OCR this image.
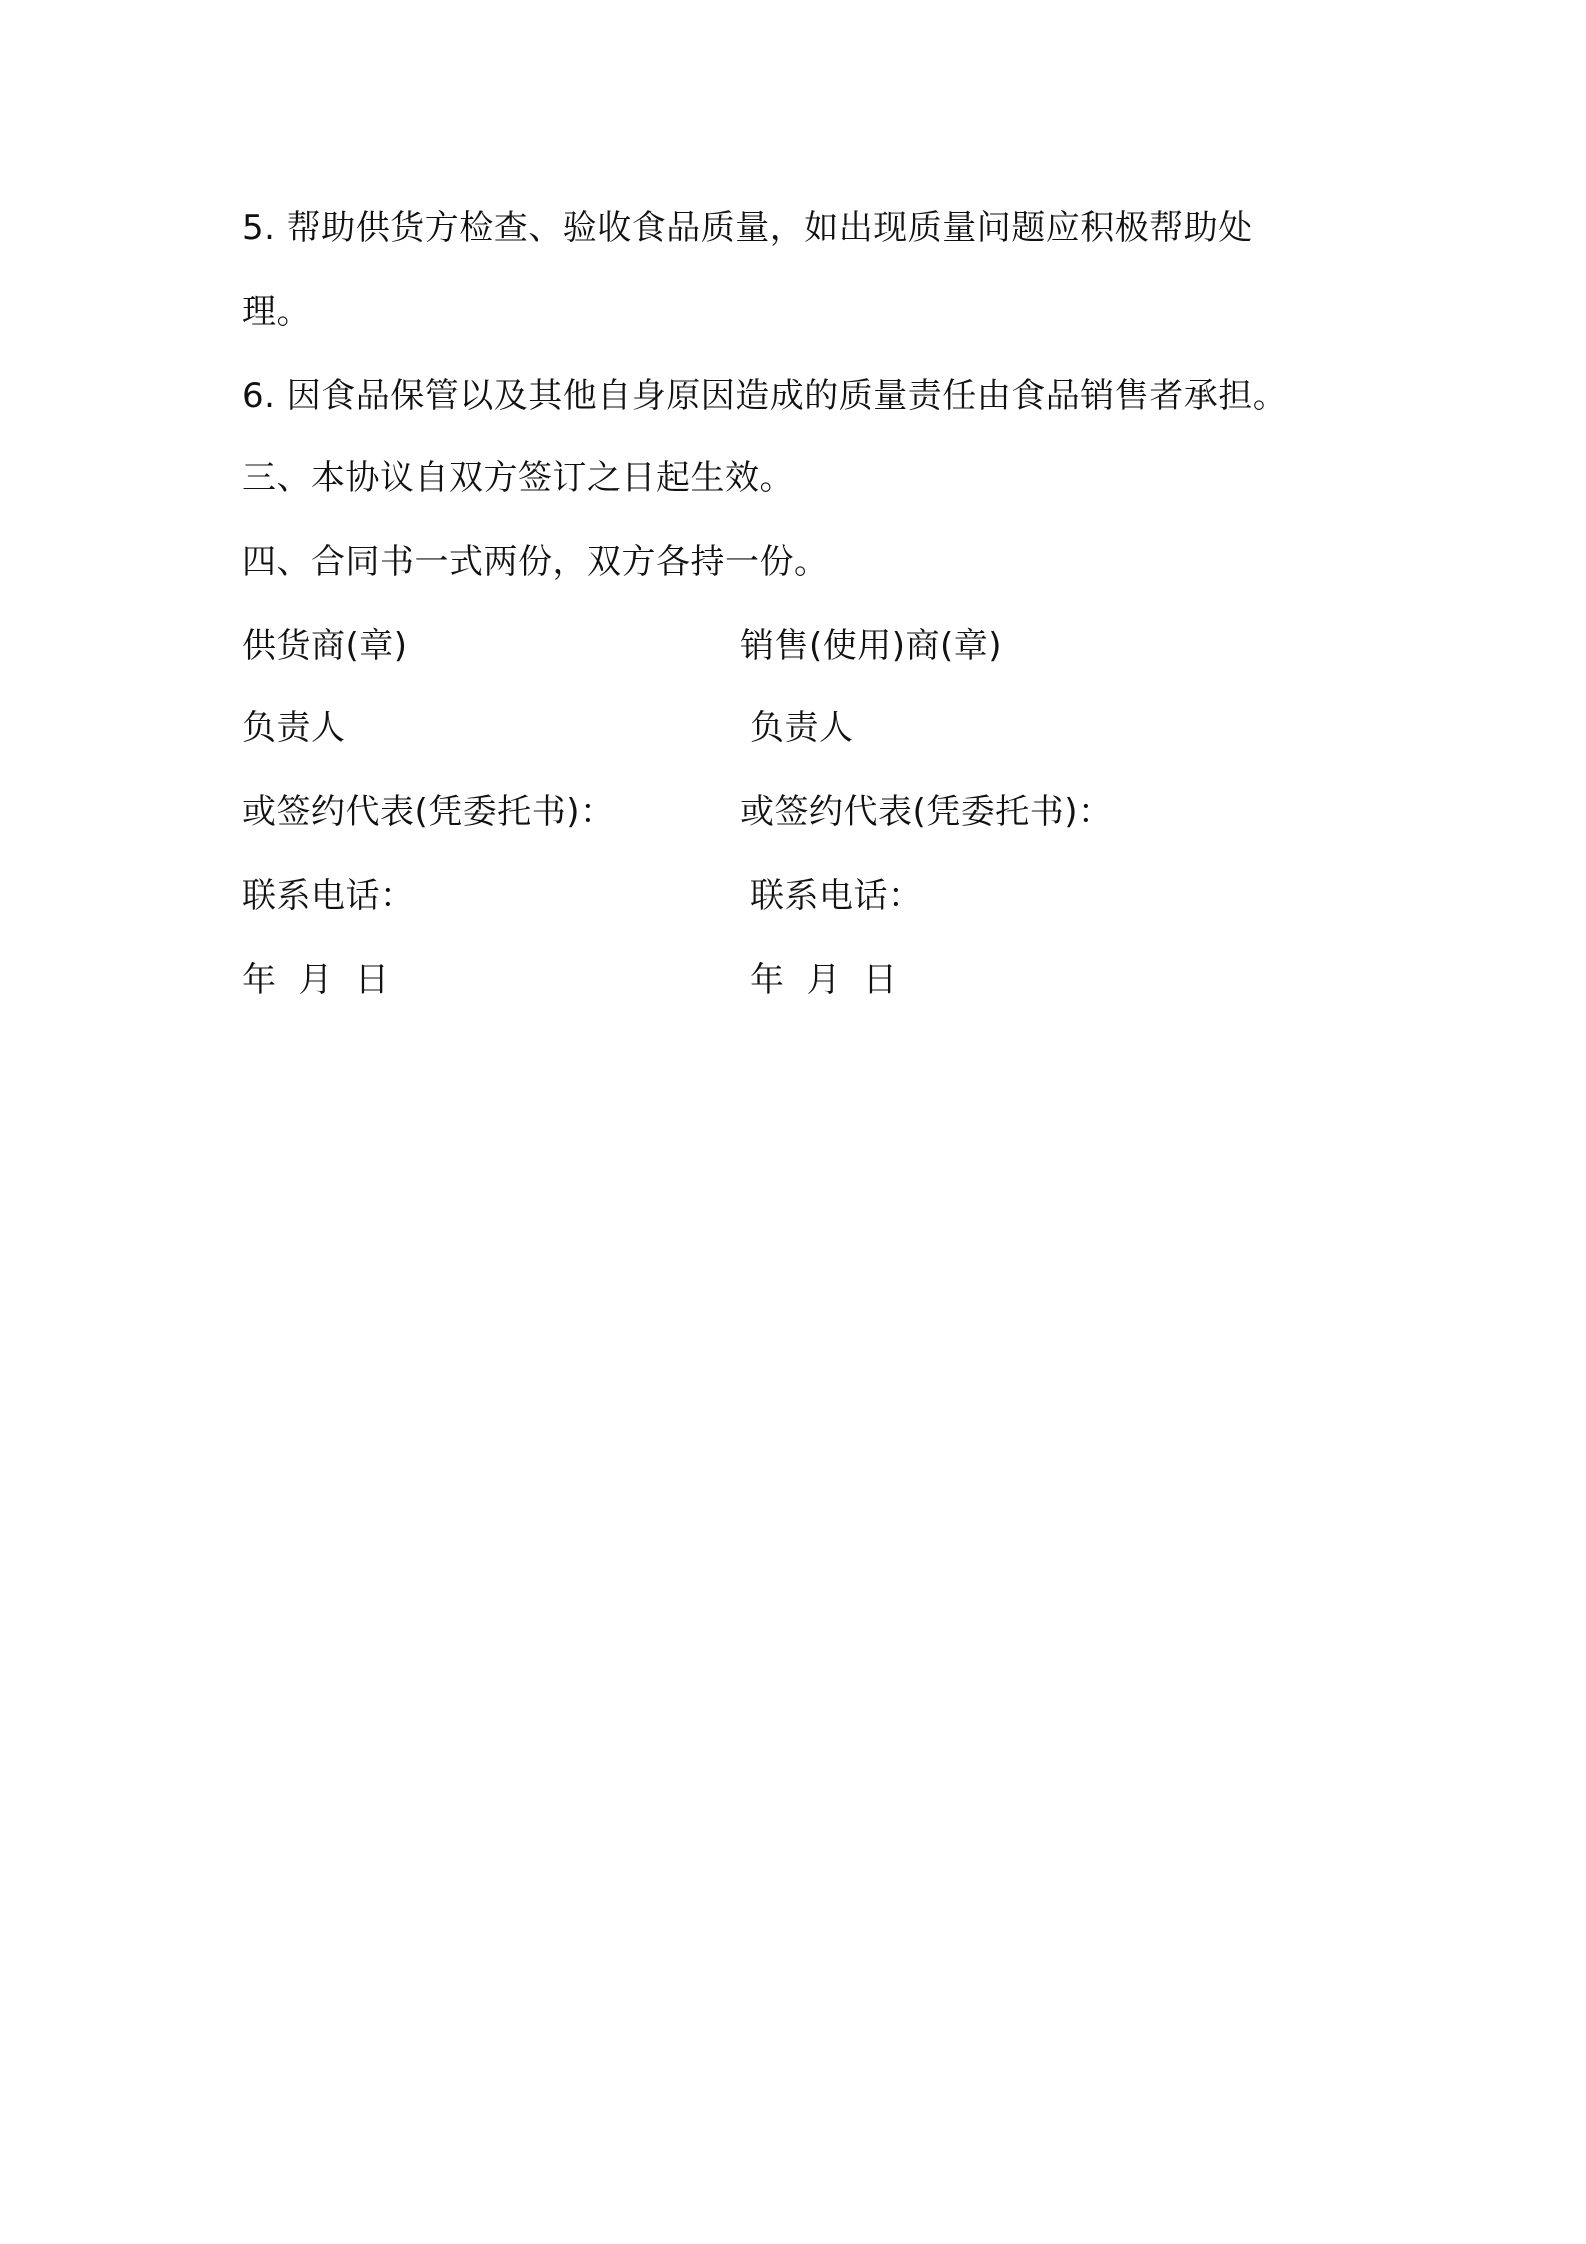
5. 帮助供货方检查、验收食品质量，如出现质量问题应积极帮助处
理。
6. 因食品保管以及其他自身原因造成的质量责任由食品销售者承担。
三、本协议自双方签订之日起生效。
四、合同书一式两份，双方各持一份。
供货商(章)	销售(使用)商(章)
负责人	负责人
或签约代表(凭委托书)：	或签约代表(凭委托书)：
联系电话：	联系电话：
年 月 日	年 月 日
